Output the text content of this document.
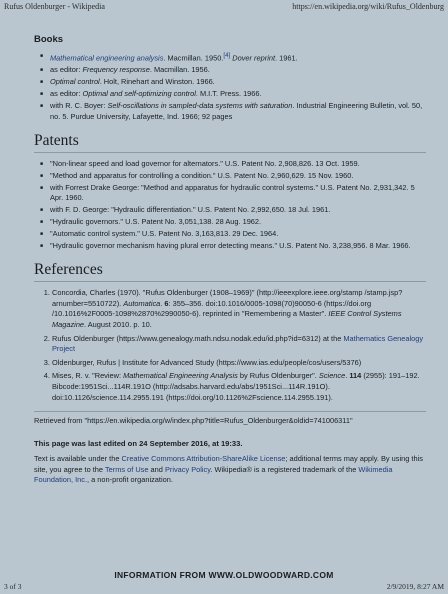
Rufus Oldenburger - Wikipedia	https://en.wikipedia.org/wiki/Rufus_Oldenburg
Books
■ Mathematical engineering analysis. Macmillan. 1950.[4] Dover reprint. 1961.
■ as editor: Frequency response. Macmillan. 1956.
■ Optimal control. Holt, Rinehart and Winston. 1966.
■ as editor: Optimal and self-optimizing control. M.I.T. Press. 1966.
■ with R. C. Boyer: Self-oscillations in sampled-data systems with saturation. Industrial Engineering Bulletin, vol. 50, no. 5. Purdue University, Lafayette, Ind. 1966; 92 pages
Patents
■ "Non-linear speed and load governor for alternators." U.S. Patent No. 2,908,826. 13 Oct. 1959.
■ "Method and apparatus for controlling a condition." U.S. Patent No. 2,960,629. 15 Nov. 1960.
■ with Forrest Drake George: "Method and apparatus for hydraulic control systems." U.S. Patent No. 2,931,342. 5 Apr. 1960.
■ with F. D. George: "Hydraulic differentiation." U.S. Patent No. 2,992,650. 18 Jul. 1961.
■ "Hydraulic governors." U.S. Patent No. 3,051,138. 28 Aug. 1962.
■ "Automatic control system." U.S. Patent No. 3,163,813. 29 Dec. 1964.
■ "Hydraulic governor mechanism having plural error detecting means." U.S. Patent No. 3,238,956. 8 Mar. 1966.
References
1. Concordia, Charles (1970). "Rufus Oldenburger (1908–1969)" (http://ieeexplore.ieee.org/stamp /stamp.jsp?arnumber=5510722). Automatica. 6: 355–356. doi:10.1016/0005-1098(70)90050-6 (https://doi.org /10.1016%2F0005-1098%2870%2990050-6). reprinted in "Remembering a Master". IEEE Control Systems Magazine. August 2010. p. 10.
2. Rufus Oldenburger (https://www.genealogy.math.ndsu.nodak.edu/id.php?id=6312) at the Mathematics Genealogy Project
3. Oldenburger, Rufus | Institute for Advanced Study (https://www.ias.edu/people/cos/users/5376)
4. Mises, R. v. "Review: Mathematical Engineering Analysis by Rufus Oldenburger". Science. 114 (2955): 191–192. Bibcode:1951Sci...114R.191O (http://adsabs.harvard.edu/abs/1951Sci...114R.191O). doi:10.1126/science.114.2955.191 (https://doi.org/10.1126%2Fscience.114.2955.191).
Retrieved from "https://en.wikipedia.org/w/index.php?title=Rufus_Oldenburger&oldid=741006311"
This page was last edited on 24 September 2016, at 19:33.
Text is available under the Creative Commons Attribution-ShareAlike License; additional terms may apply. By using this site, you agree to the Terms of Use and Privacy Policy. Wikipedia® is a registered trademark of the Wikimedia Foundation, Inc., a non-profit organization.
INFORMATION FROM WWW.OLDWOODWARD.COM
3 of 3	2/9/2019, 8:27 AM
